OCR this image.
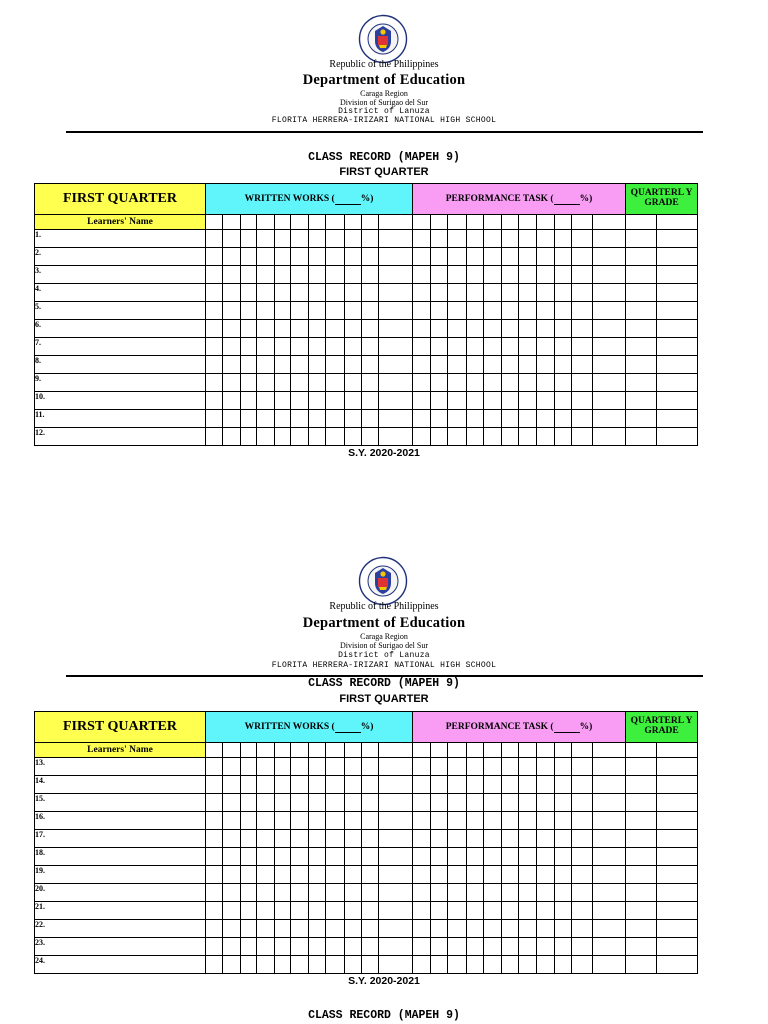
Republic of the Philippines
Department of Education
Caraga Region
Division of Surigao del Sur
District of Lanuza
FLORITA HERRERA-IRIZARI NATIONAL HIGH SCHOOL
CLASS RECORD (MAPEH 9)
FIRST QUARTER
FIRST QUARTER	WRITTEN WORKS ( %)											PERFORMANCE TASK ( %)											QUARTERL Y GRADE	
Learners' Name																								
1.																								
2.																								
3.																								
4.																								
5.																								
6.																								
7.																								
8.																								
9.																								
10.																								
11.																								
12.																								
S.Y. 2020-2021
Republic of the Philippines
Department of Education
Caraga Region
Division of Surigao del Sur
District of Lanuza
FLORITA HERRERA-IRIZARI NATIONAL HIGH SCHOOL
CLASS RECORD (MAPEH 9)
FIRST QUARTER
FIRST QUARTER	WRITTEN WORKS ( %)											PERFORMANCE TASK ( %)											QUARTERL Y GRADE	
Learners' Name																								
13.																								
14.																								
15.																								
16.																								
17.																								
18.																								
19.																								
20.																								
21.																								
22.																								
23.																								
24.																								
S.Y. 2020-2021
CLASS RECORD (MAPEH 9)
